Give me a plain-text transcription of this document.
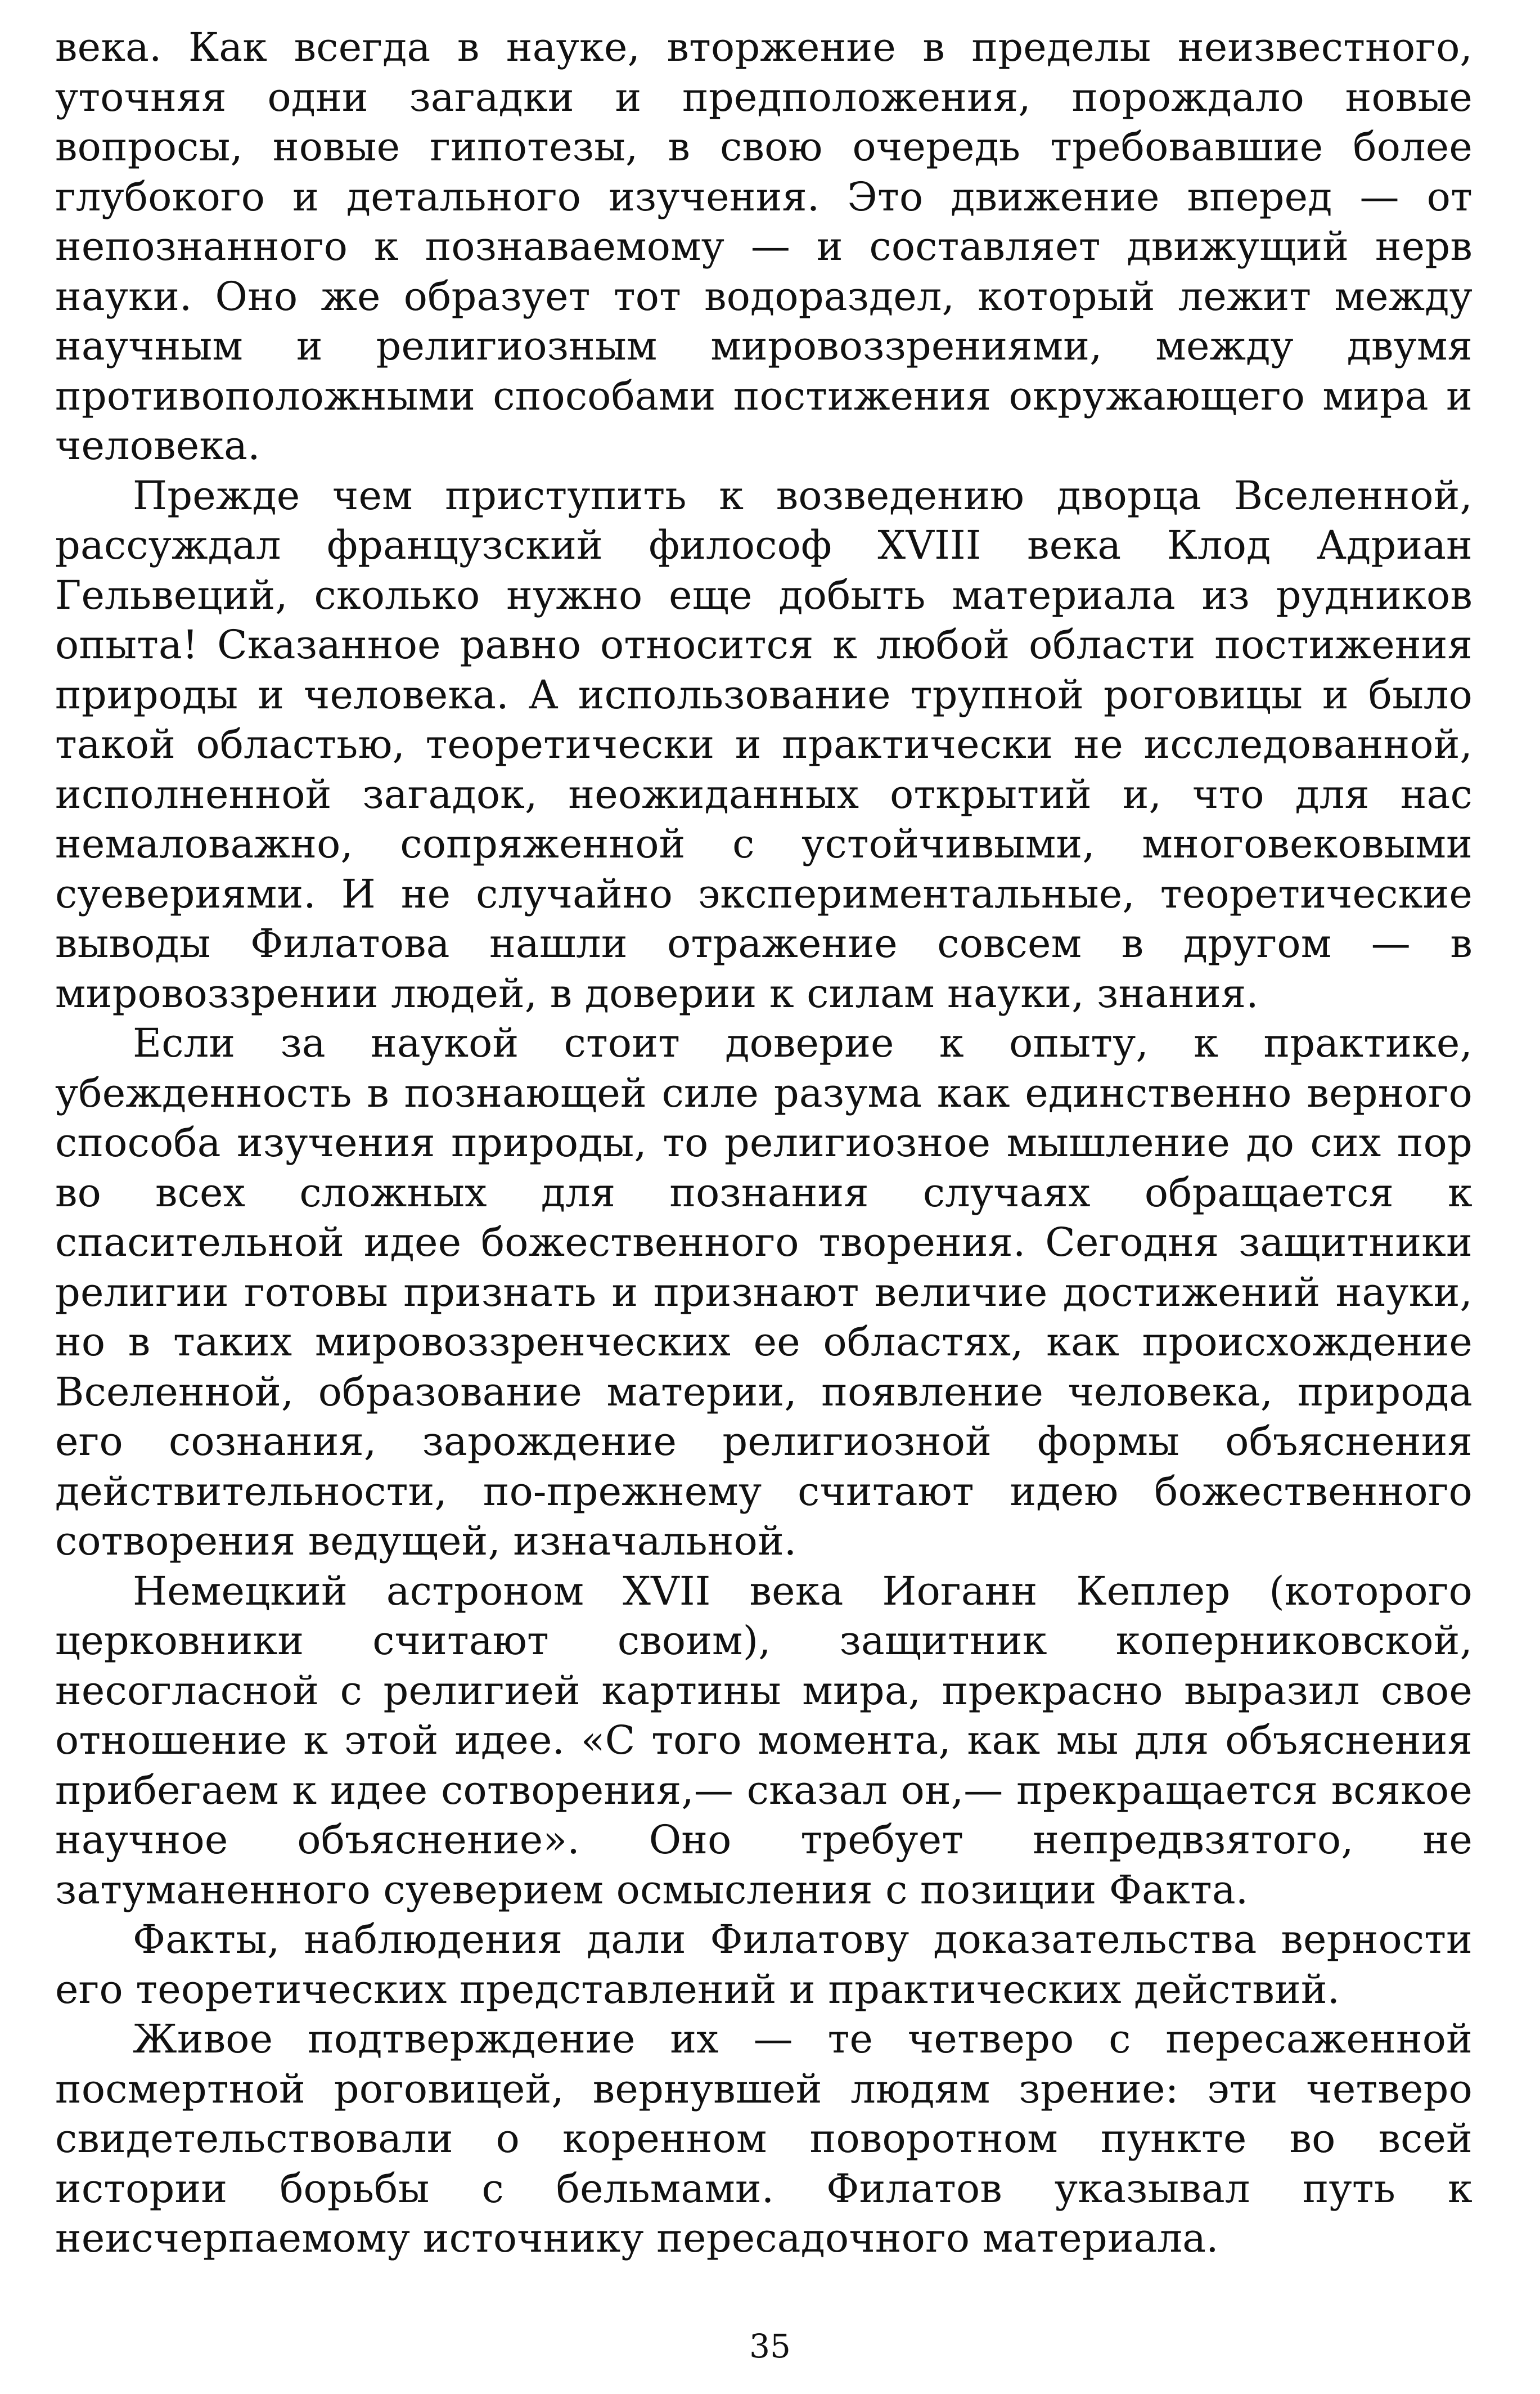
века. Как всегда в науке, вторжение в пределы неизвестного, уточняя одни загадки и предположения, порождало новые вопросы, новые гипотезы, в свою очередь требовавшие более глубокого и детального изучения. Это движение вперед — от непознанного к познаваемому — и составляет движущий нерв науки. Оно же образует тот водораздел, который лежит между научным и религиозным мировоззрениями, между двумя противоположными способами постижения окружающего мира и человека.

Прежде чем приступить к возведению дворца Вселенной, рассуждал французский философ XVIII века Клод Адриан Гельвеций, сколько нужно еще добыть материала из рудников опыта! Сказанное равно относится к любой области постижения природы и человека. А использование трупной роговицы и было такой областью, теоретически и практически не исследованной, исполненной загадок, неожиданных открытий и, что для нас немаловажно, сопряженной с устойчивыми, многовековыми суевериями. И не случайно экспериментальные, теоретические выводы Филатова нашли отражение совсем в другом — в мировоззрении людей, в доверии к силам науки, знания.

Если за наукой стоит доверие к опыту, к практике, убежденность в познающей силе разума как единственно верного способа изучения природы, то религиозное мышление до сих пор во всех сложных для познания случаях обращается к спасительной идее божественного творения. Сегодня защитники религии готовы признать и признают величие достижений науки, но в таких мировоззренческих ее областях, как происхождение Вселенной, образование материи, появление человека, природа его сознания, зарождение религиозной формы объяснения действительности, по-прежнему считают идею божественного сотворения ведущей, изначальной.

Немецкий астроном XVII века Иоганн Кеплер (которого церковники считают своим), защитник коперниковской, несогласной с религией картины мира, прекрасно выразил свое отношение к этой идее. «С того момента, как мы для объяснения прибегаем к идее сотворения,— сказал он,— прекращается всякое научное объяснение». Оно требует непредвзятого, не затуманенного суеверием осмысления с позиции Факта.

Факты, наблюдения дали Филатову доказательства верности его теоретических представлений и практических действий.

Живое подтверждение их — те четверо с пересаженной посмертной роговицей, вернувшей людям зрение: эти четверо свидетельствовали о коренном поворотном пункте во всей истории борьбы с бельмами. Филатов указывал путь к неисчерпаемому источнику пересадочного материала.

35
